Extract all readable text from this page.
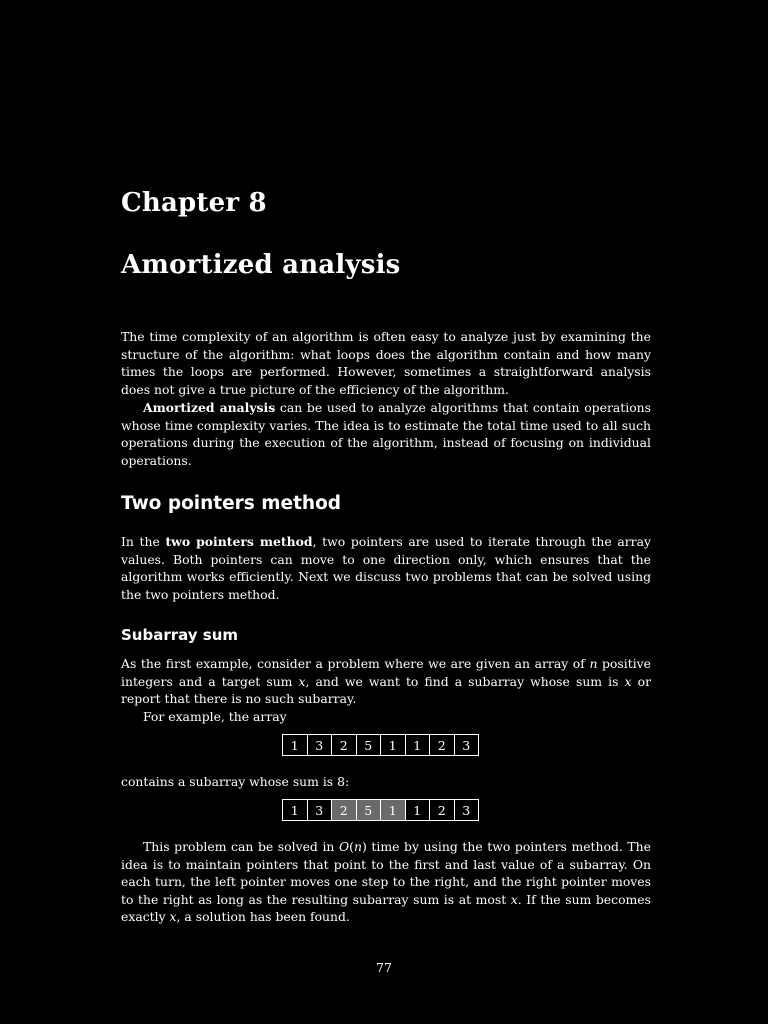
Chapter 8
Amortized analysis

The time complexity of an algorithm is often easy to analyze just by examining the structure of the algorithm: what loops does the algorithm contain and how many times the loops are performed. However, sometimes a straightforward analysis does not give a true picture of the efficiency of the algorithm.

Amortized analysis can be used to analyze algorithms that contain operations whose time complexity varies. The idea is to estimate the total time used to all such operations during the execution of the algorithm, instead of focusing on individual operations.

Two pointers method

In the two pointers method, two pointers are used to iterate through the array values. Both pointers can move to one direction only, which ensures that the algorithm works efficiently. Next we discuss two problems that can be solved using the two pointers method.

Subarray sum

As the first example, consider a problem where we are given an array of n positive integers and a target sum x, and we want to find a subarray whose sum is x or report that there is no such subarray.

For example, the array

1	3	2	5	1	1	2	3

contains a subarray whose sum is 8:

1	3	2	5	1	1	2	3

This problem can be solved in O(n) time by using the two pointers method. The idea is to maintain pointers that point to the first and last value of a subarray. On each turn, the left pointer moves one step to the right, and the right pointer moves to the right as long as the resulting subarray sum is at most x. If the sum becomes exactly x, a solution has been found.

77
